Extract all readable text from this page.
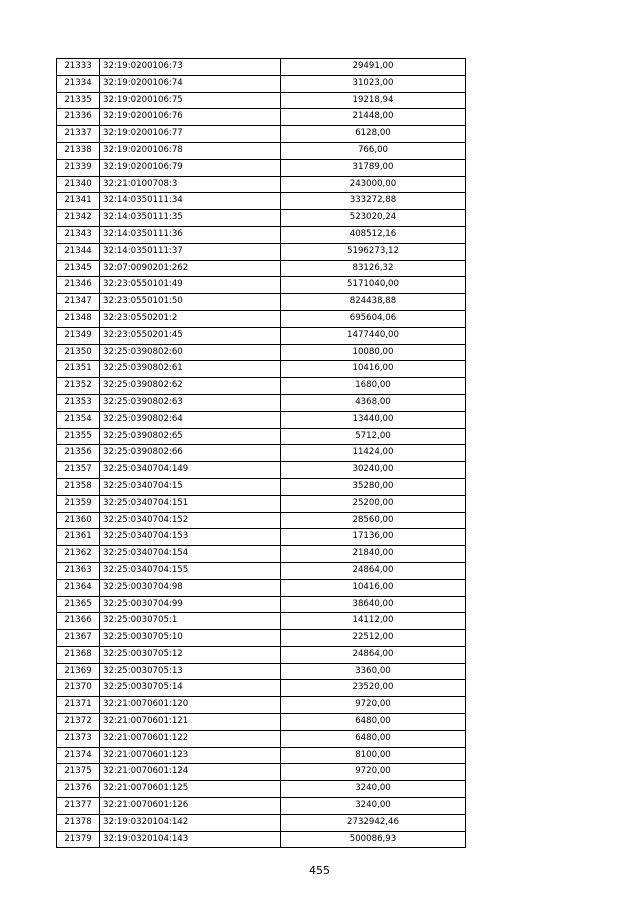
21333	32:19:0200106:73	29491,00
21334	32:19:0200106:74	31023,00
21335	32:19:0200106:75	19218,94
21336	32:19:0200106:76	21448,00
21337	32:19:0200106:77	6128,00
21338	32:19:0200106:78	766,00
21339	32:19:0200106:79	31789,00
21340	32:21:0100708:3	243000,00
21341	32:14:0350111:34	333272,88
21342	32:14:0350111:35	523020,24
21343	32:14:0350111:36	408512,16
21344	32:14:0350111:37	5196273,12
21345	32:07:0090201:262	83126,32
21346	32:23:0550101:49	5171040,00
21347	32:23:0550101:50	824438,88
21348	32:23:0550201:2	695604,06
21349	32:23:0550201:45	1477440,00
21350	32:25:0390802:60	10080,00
21351	32:25:0390802:61	10416,00
21352	32:25:0390802:62	1680,00
21353	32:25:0390802:63	4368,00
21354	32:25:0390802:64	13440,00
21355	32:25:0390802:65	5712,00
21356	32:25:0390802:66	11424,00
21357	32:25:0340704:149	30240,00
21358	32:25:0340704:15	35280,00
21359	32:25:0340704:151	25200,00
21360	32:25:0340704:152	28560,00
21361	32:25:0340704:153	17136,00
21362	32:25:0340704:154	21840,00
21363	32:25:0340704:155	24864,00
21364	32:25:0030704:98	10416,00
21365	32:25:0030704:99	38640,00
21366	32:25:0030705:1	14112,00
21367	32:25:0030705:10	22512,00
21368	32:25:0030705:12	24864,00
21369	32:25:0030705:13	3360,00
21370	32:25:0030705:14	23520,00
21371	32:21:0070601:120	9720,00
21372	32:21:0070601:121	6480,00
21373	32:21:0070601:122	6480,00
21374	32:21:0070601:123	8100,00
21375	32:21:0070601:124	9720,00
21376	32:21:0070601:125	3240,00
21377	32:21:0070601:126	3240,00
21378	32:19:0320104:142	2732942,46
21379	32:19:0320104:143	500086,93
455
